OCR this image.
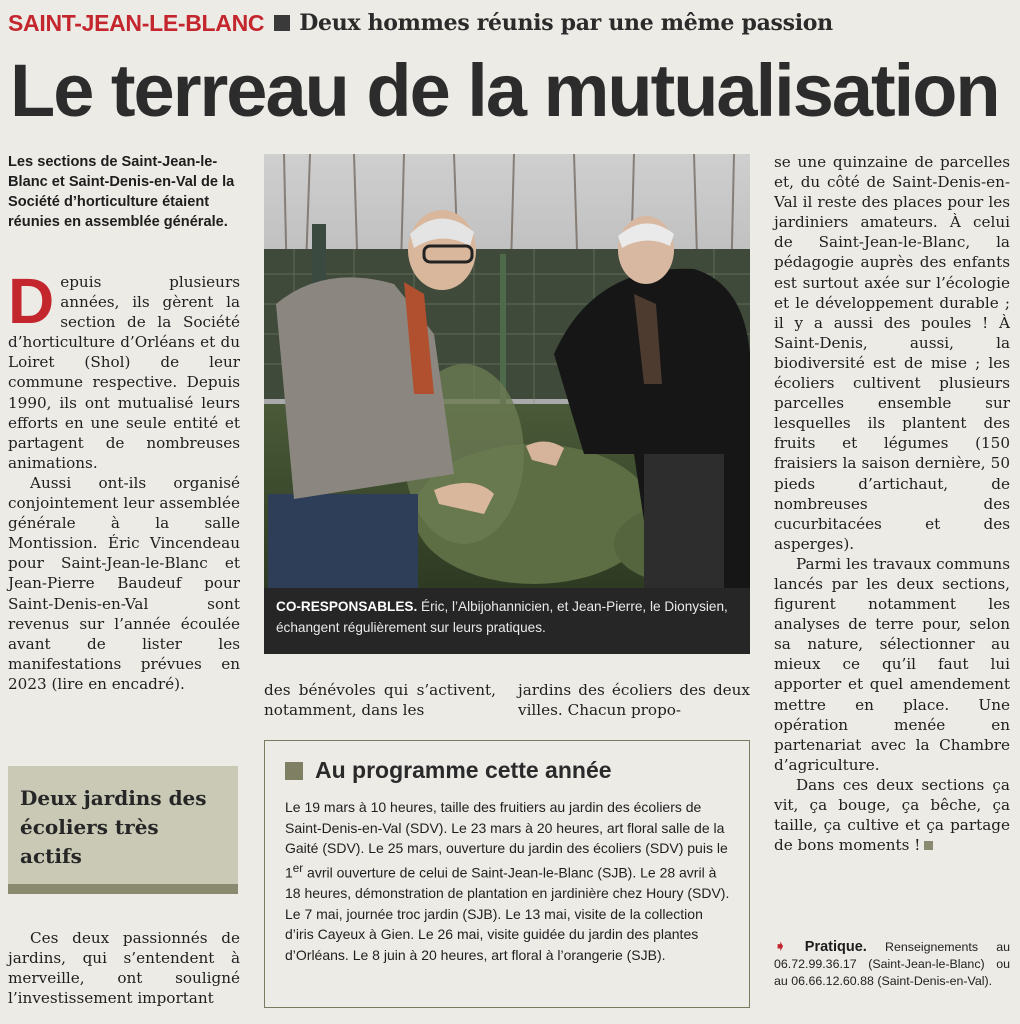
SAINT-JEAN-LE-BLANC Deux hommes réunis par une même passion
Le terreau de la mutualisation
Les sections de Saint-Jean-le-Blanc et Saint-Denis-en-Val de la Société d’horticulture étaient réunies en assemblée générale.

Depuis plusieurs années, ils gèrent la section de la Société d’horticulture d’Orléans et du Loiret (Shol) de leur commune respective. Depuis 1990, ils ont mutualisé leurs efforts en une seule entité et partagent de nombreuses animations.

Aussi ont-ils organisé conjointement leur assemblée générale à la salle Montission. Éric Vincendeau pour Saint-Jean-le-Blanc et Jean-Pierre Baudeuf pour Saint-Denis-en-Val sont revenus sur l’année écoulée avant de lister les manifestations prévues en 2023 (lire en encadré).

Deux jardins des écoliers très actifs

Ces deux passionnés de jardins, qui s’entendent à merveille, ont souligné l’investissement important

CO-RESPONSABLES. Éric, l’Albijohannicien, et Jean-Pierre, le Dionysien, échangent régulièrement sur leurs pratiques.

des bénévoles qui s’activent, notamment, dans les

jardins des écoliers des deux villes. Chacun propo-

Au programme cette année
Le 19 mars à 10 heures, taille des fruitiers au jardin des écoliers de Saint-Denis-en-Val (SDV). Le 23 mars à 20 heures, art floral salle de la Gaité (SDV). Le 25 mars, ouverture du jardin des écoliers (SDV) puis le 1er avril ouverture de celui de Saint-Jean-le-Blanc (SJB). Le 28 avril à 18 heures, démonstration de plantation en jardinière chez Houry (SDV). Le 7 mai, journée troc jardin (SJB). Le 13 mai, visite de la collection d’iris Cayeux à Gien. Le 26 mai, visite guidée du jardin des plantes d’Orléans. Le 8 juin à 20 heures, art floral à l’orangerie (SJB).

se une quinzaine de parcelles et, du côté de Saint-Denis-en-Val il reste des places pour les jardiniers amateurs. À celui de Saint-Jean-le-Blanc, la pédagogie auprès des enfants est surtout axée sur l’écologie et le développement durable ; il y a aussi des poules ! À Saint-Denis, aussi, la biodiversité est de mise ; les écoliers cultivent plusieurs parcelles ensemble sur lesquelles ils plantent des fruits et légumes (150 fraisiers la saison dernière, 50 pieds d’artichaut, de nombreuses des cucurbitacées et des asperges).

Parmi les travaux communs lancés par les deux sections, figurent notamment les analyses de terre pour, selon sa nature, sélectionner au mieux ce qu’il faut lui apporter et quel amendement mettre en place. Une opération menée en partenariat avec la Chambre d’agriculture.

Dans ces deux sections ça vit, ça bouge, ça bêche, ça taille, ça cultive et ça partage de bons moments !

➧ Pratique. Renseignements au 06.72.99.36.17 (Saint-Jean-le-Blanc) ou au 06.66.12.60.88 (Saint-Denis-en-Val).
